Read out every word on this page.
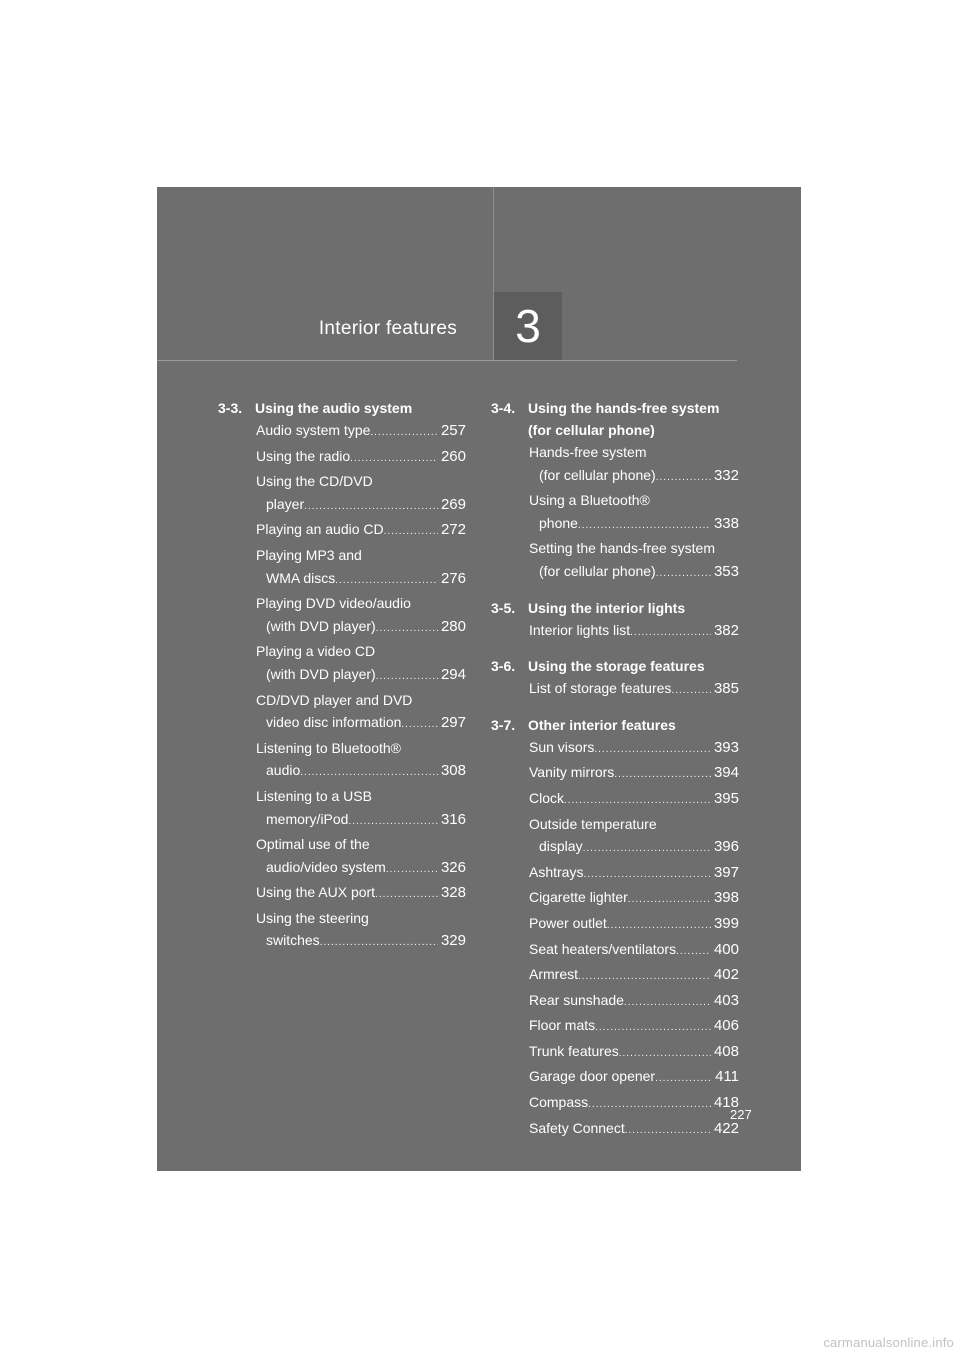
3
Interior features
3-3. Using the audio system
Audio system type .....	257
Using the radio .....	260
Using the CD/DVD
player .....	269
Playing an audio CD .....	272
Playing MP3 and
WMA discs .....	276
Playing DVD video/audio
(with DVD player) .....	280
Playing a video CD
(with DVD player) .....	294
CD/DVD player and DVD
video disc information .....	297
Listening to Bluetooth®
audio .....	308
Listening to a USB
memory/iPod .....	316
Optimal use of the
audio/video system .....	326
Using the AUX port .....	328
Using the steering
switches .....	329
3-4. Using the hands-free system
(for cellular phone)
Hands-free system
(for cellular phone) .....	332
Using a Bluetooth®
phone .....	338
Setting the hands-free system
(for cellular phone) .....	353
3-5. Using the interior lights
Interior lights list .....	382
3-6. Using the storage features
List of storage features .....	385
3-7. Other interior features
Sun visors .....	393
Vanity mirrors .....	394
Clock .....	395
Outside temperature
display .....	396
Ashtrays .....	397
Cigarette lighter .....	398
Power outlet .....	399
Seat heaters/ventilators .....	400
Armrest .....	402
Rear sunshade .....	403
Floor mats .....	406
Trunk features .....	408
Garage door opener .....	411
Compass .....	418
Safety Connect .....	422
227
carmanualsonline.info
